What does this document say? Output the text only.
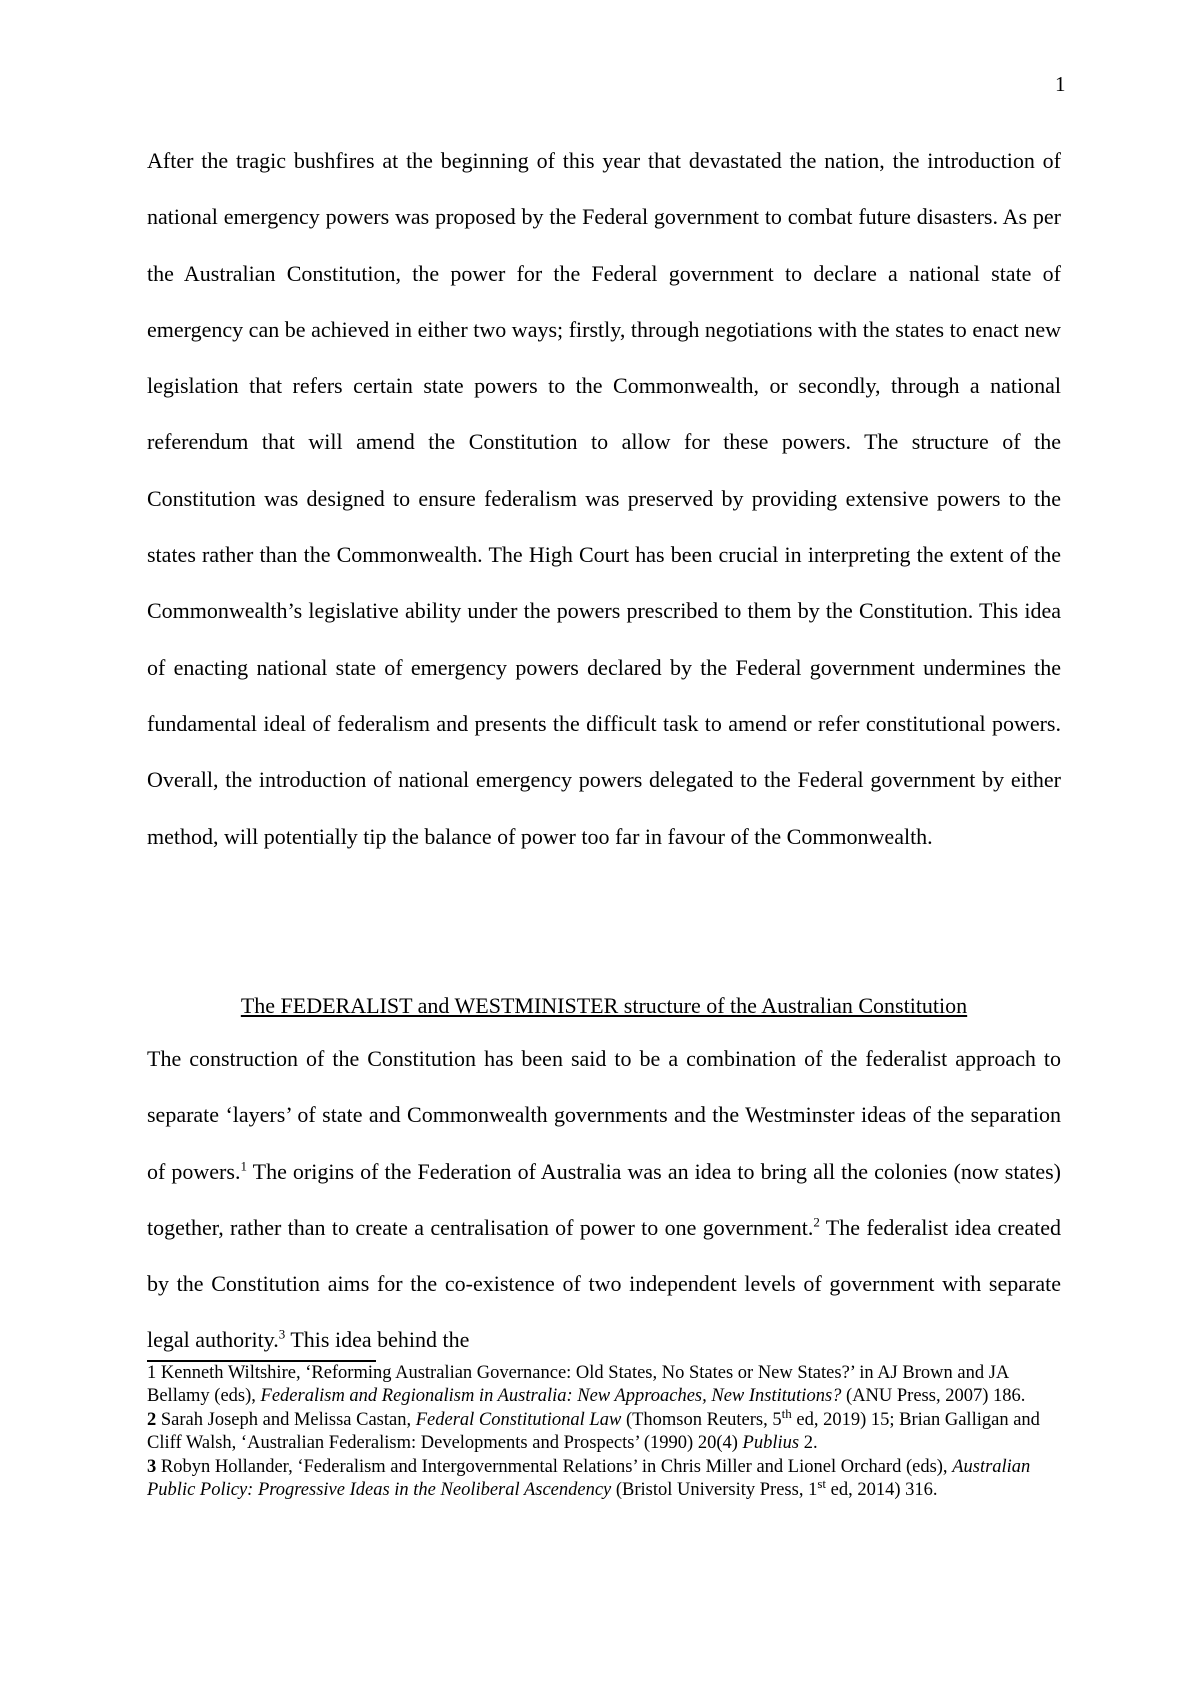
1

After the tragic bushfires at the beginning of this year that devastated the nation, the introduction of national emergency powers was proposed by the Federal government to combat future disasters. As per the Australian Constitution, the power for the Federal government to declare a national state of emergency can be achieved in either two ways; firstly, through negotiations with the states to enact new legislation that refers certain state powers to the Commonwealth, or secondly, through a national referendum that will amend the Constitution to allow for these powers. The structure of the Constitution was designed to ensure federalism was preserved by providing extensive powers to the states rather than the Commonwealth. The High Court has been crucial in interpreting the extent of the Commonwealth’s legislative ability under the powers prescribed to them by the Constitution. This idea of enacting national state of emergency powers declared by the Federal government undermines the fundamental ideal of federalism and presents the difficult task to amend or refer constitutional powers. Overall, the introduction of national emergency powers delegated to the Federal government by either method, will potentially tip the balance of power too far in favour of the Commonwealth.

The FEDERALIST and WESTMINISTER structure of the Australian Constitution

The construction of the Constitution has been said to be a combination of the federalist approach to separate ‘layers’ of state and Commonwealth governments and the Westminster ideas of the separation of powers.$^1$ The origins of the Federation of Australia was an idea to bring all the colonies (now states) together, rather than to create a centralisation of power to one government.$^2$ The federalist idea created by the Constitution aims for the co-existence of two independent levels of government with separate legal authority.$^3$ This idea behind the

1 Kenneth Wiltshire, ‘Reforming Australian Governance: Old States, No States or New States?’ in AJ Brown and JA Bellamy (eds), Federalism and Regionalism in Australia: New Approaches, New Institutions? (ANU Press, 2007) 186.

2 Sarah Joseph and Melissa Castan, Federal Constitutional Law (Thomson Reuters, 5th ed, 2019) 15; Brian Galligan and Cliff Walsh, ‘Australian Federalism: Developments and Prospects’ (1990) 20(4) Publius 2.

3 Robyn Hollander, ‘Federalism and Intergovernmental Relations’ in Chris Miller and Lionel Orchard (eds), Australian Public Policy: Progressive Ideas in the Neoliberal Ascendency (Bristol University Press, 1st ed, 2014) 316.
